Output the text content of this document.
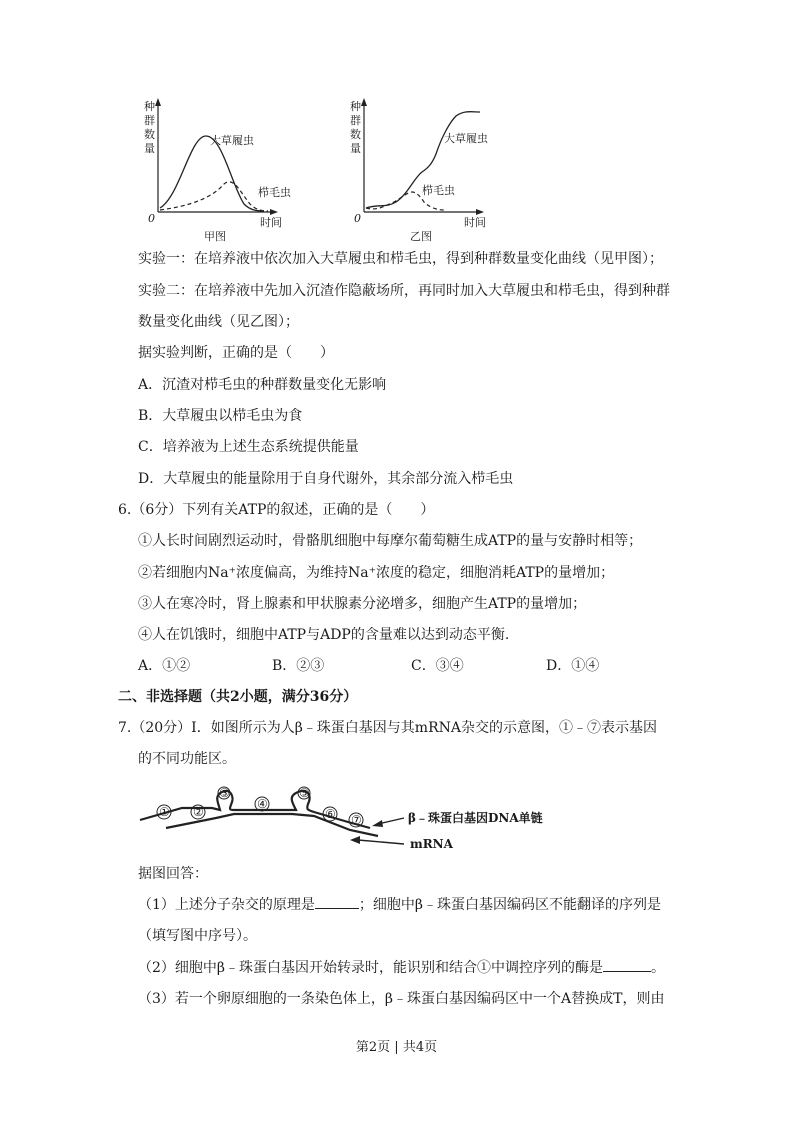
种
群
数
量
0
大草履虫
栉毛虫
时间
甲图
种
群
数
量
0
大草履虫
栉毛虫
时间
乙图
实验一：在培养液中依次加入大草履虫和栉毛虫，得到种群数量变化曲线（见甲图）；
实验二：在培养液中先加入沉渣作隐蔽场所，再同时加入大草履虫和栉毛虫，得到种群
数量变化曲线（见乙图）；
据实验判断，正确的是（　　）
A．沉渣对栉毛虫的种群数量变化无影响
B．大草履虫以栉毛虫为食
C．培养液为上述生态系统提供能量
D．大草履虫的能量除用于自身代谢外，其余部分流入栉毛虫
6.（6分）下列有关ATP的叙述，正确的是（　　）
①人长时间剧烈运动时，骨骼肌细胞中每摩尔葡萄糖生成ATP的量与安静时相等；
②若细胞内Na⁺浓度偏高，为维持Na⁺浓度的稳定，细胞消耗ATP的量增加；
③人在寒冷时，肾上腺素和甲状腺素分泌增多，细胞产生ATP的量增加；
④人在饥饿时，细胞中ATP与ADP的含量难以达到动态平衡.
A．①②	B．②③	C．③④	D．①④
二、非选择题（共2小题，满分36分）
7.（20分）Ⅰ．如图所示为人β﹣珠蛋白基因与其mRNA杂交的示意图，①﹣⑦表示基因
的不同功能区。
① ②
③
④
⑤
⑥ ⑦	β﹣珠蛋白基因DNA单链
mRNA
据图回答：
（1）上述分子杂交的原理是	；细胞中β﹣珠蛋白基因编码区不能翻译的序列是
（填写图中序号）。
（2）细胞中β﹣珠蛋白基因开始转录时，能识别和结合①中调控序列的酶是	。
（3）若一个卵原细胞的一条染色体上，β﹣珠蛋白基因编码区中一个A替换成T，则由
第2页 | 共4页
